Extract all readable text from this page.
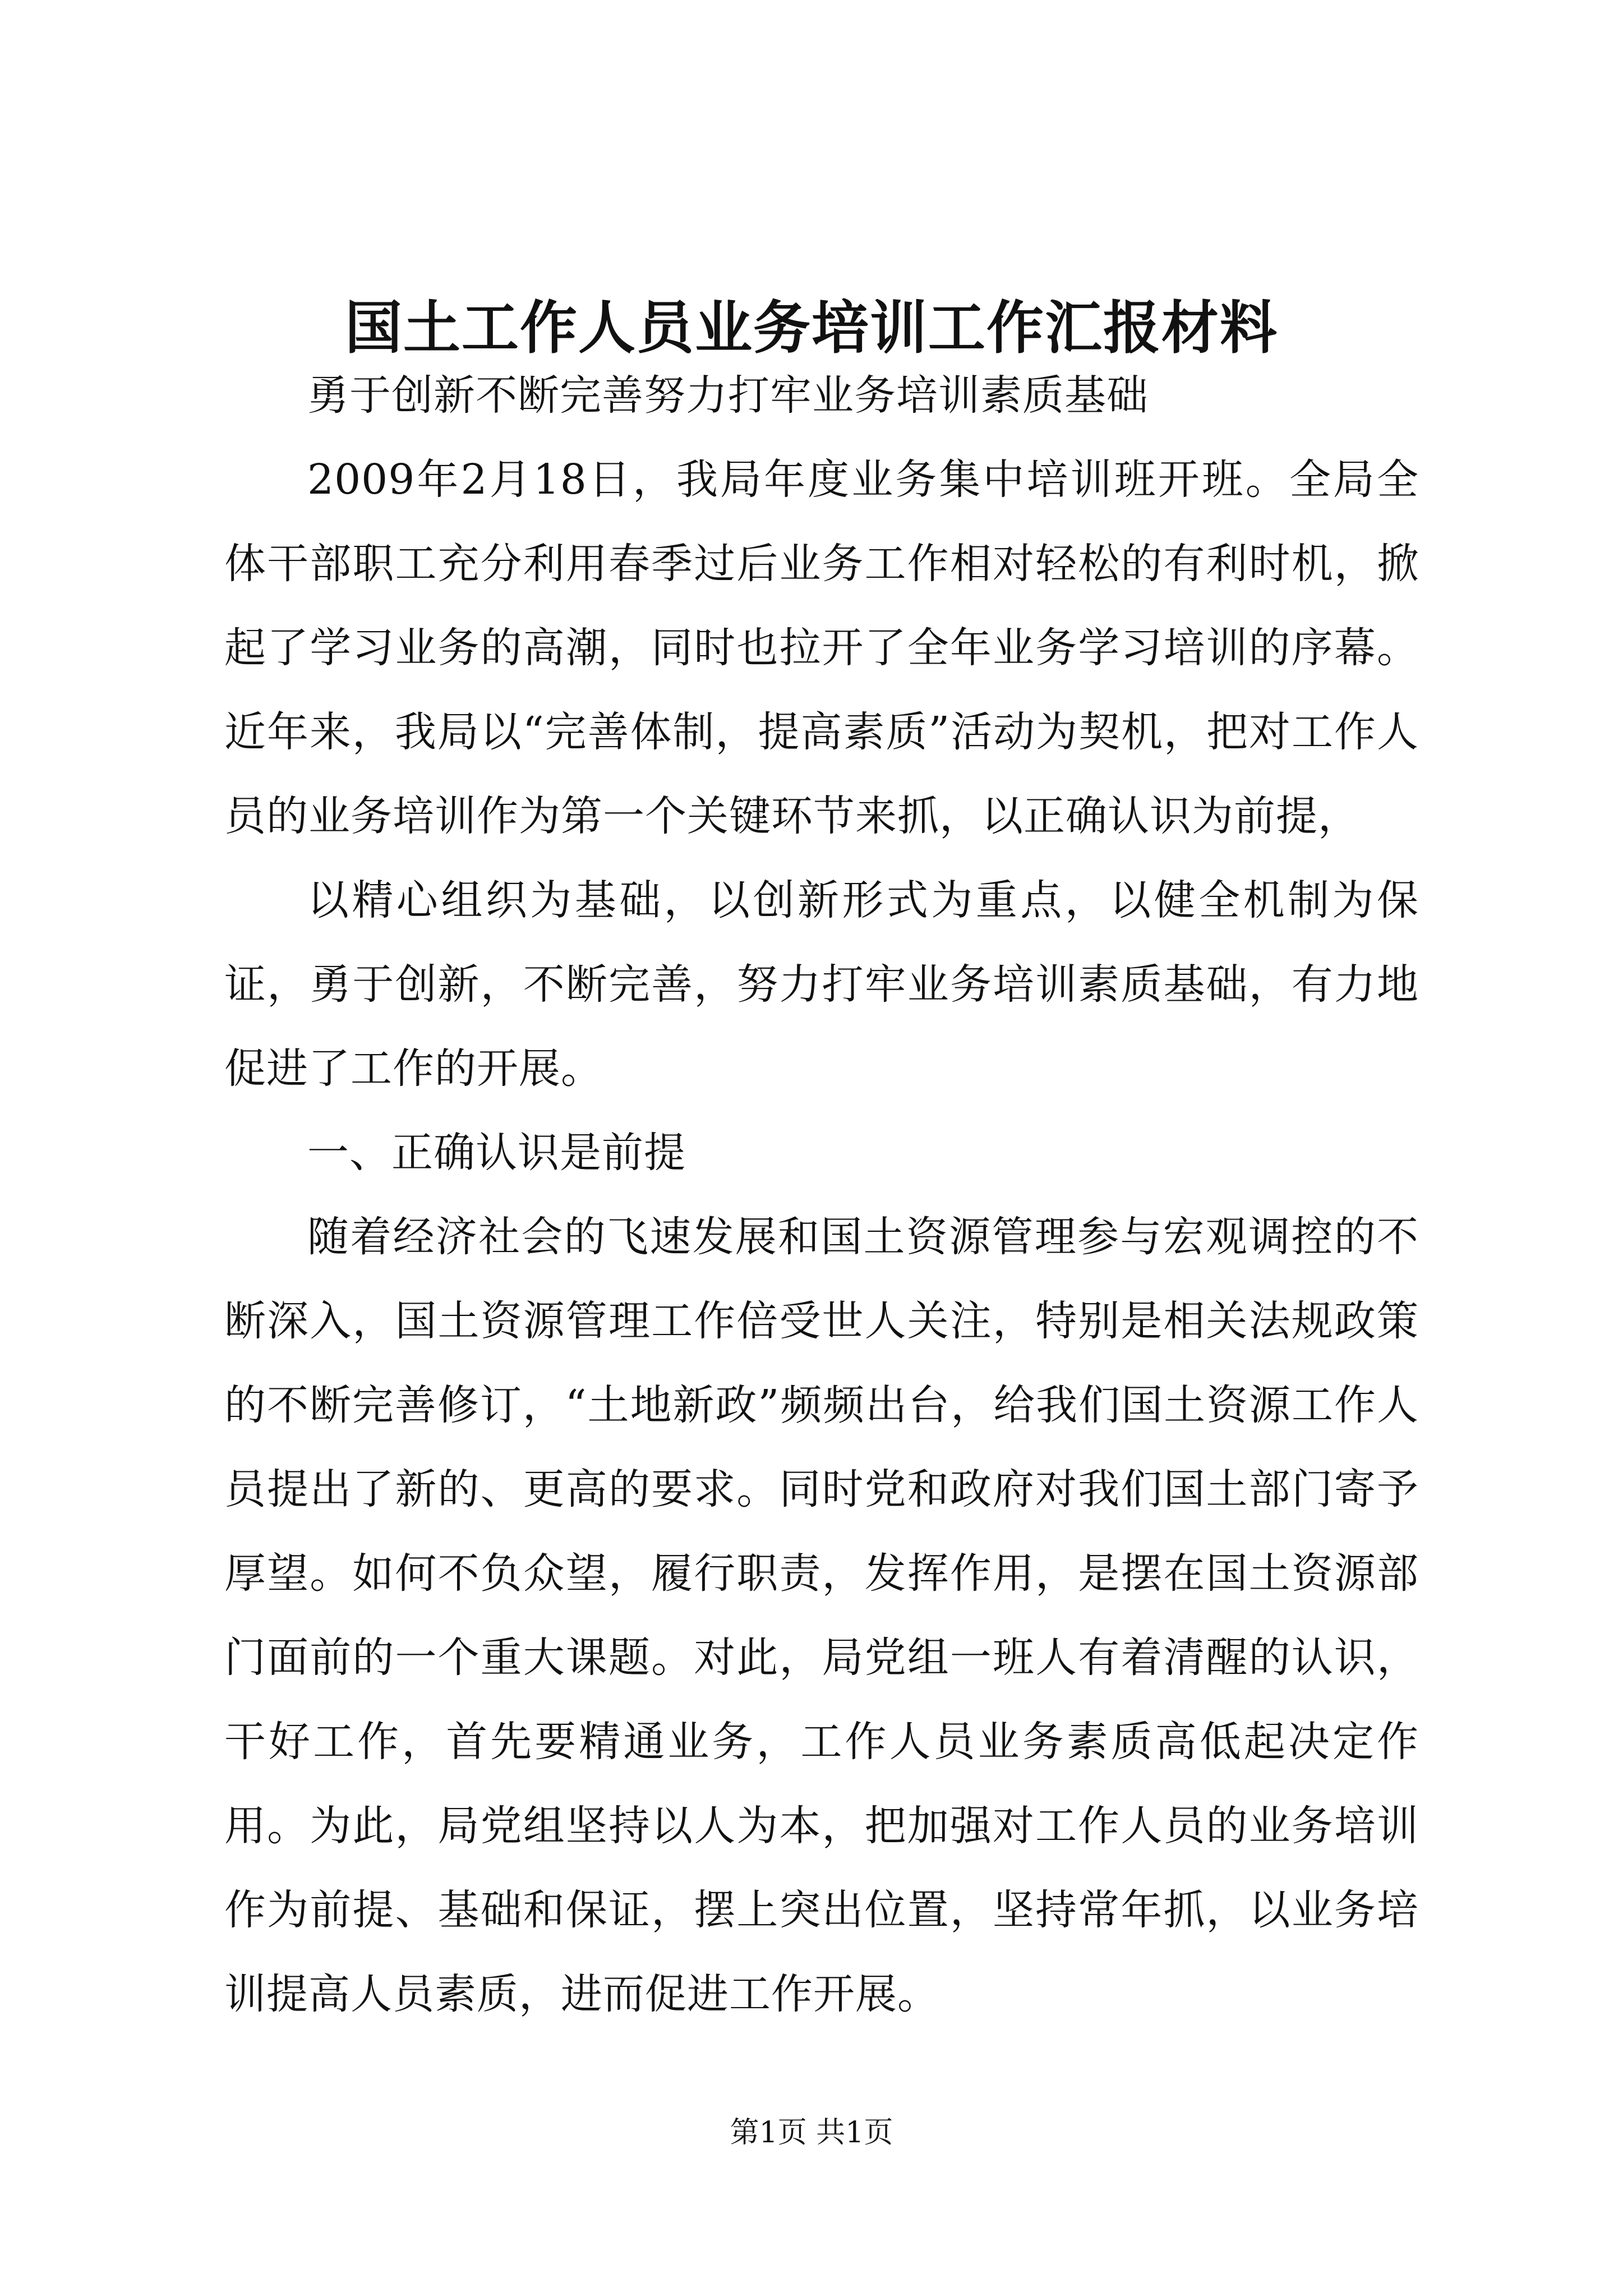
国土工作人员业务培训工作汇报材料

勇于创新不断完善努力打牢业务培训素质基础

2009年2月18日，我局年度业务集中培训班开班。全局全体干部职工充分利用春季过后业务工作相对轻松的有利时机，掀起了学习业务的高潮，同时也拉开了全年业务学习培训的序幕。近年来，我局以“完善体制，提高素质”活动为契机，把对工作人员的业务培训作为第一个关键环节来抓，以正确认识为前提，

以精心组织为基础，以创新形式为重点，以健全机制为保证，勇于创新，不断完善，努力打牢业务培训素质基础，有力地促进了工作的开展。

一、正确认识是前提

随着经济社会的飞速发展和国土资源管理参与宏观调控的不断深入，国土资源管理工作倍受世人关注，特别是相关法规政策的不断完善修订，“土地新政”频频出台，给我们国土资源工作人员提出了新的、更高的要求。同时党和政府对我们国土部门寄予厚望。如何不负众望，履行职责，发挥作用，是摆在国土资源部门面前的一个重大课题。对此，局党组一班人有着清醒的认识，干好工作，首先要精通业务，工作人员业务素质高低起决定作用。为此，局党组坚持以人为本，把加强对工作人员的业务培训作为前提、基础和保证，摆上突出位置，坚持常年抓，以业务培训提高人员素质，进而促进工作开展。

第1页 共1页
